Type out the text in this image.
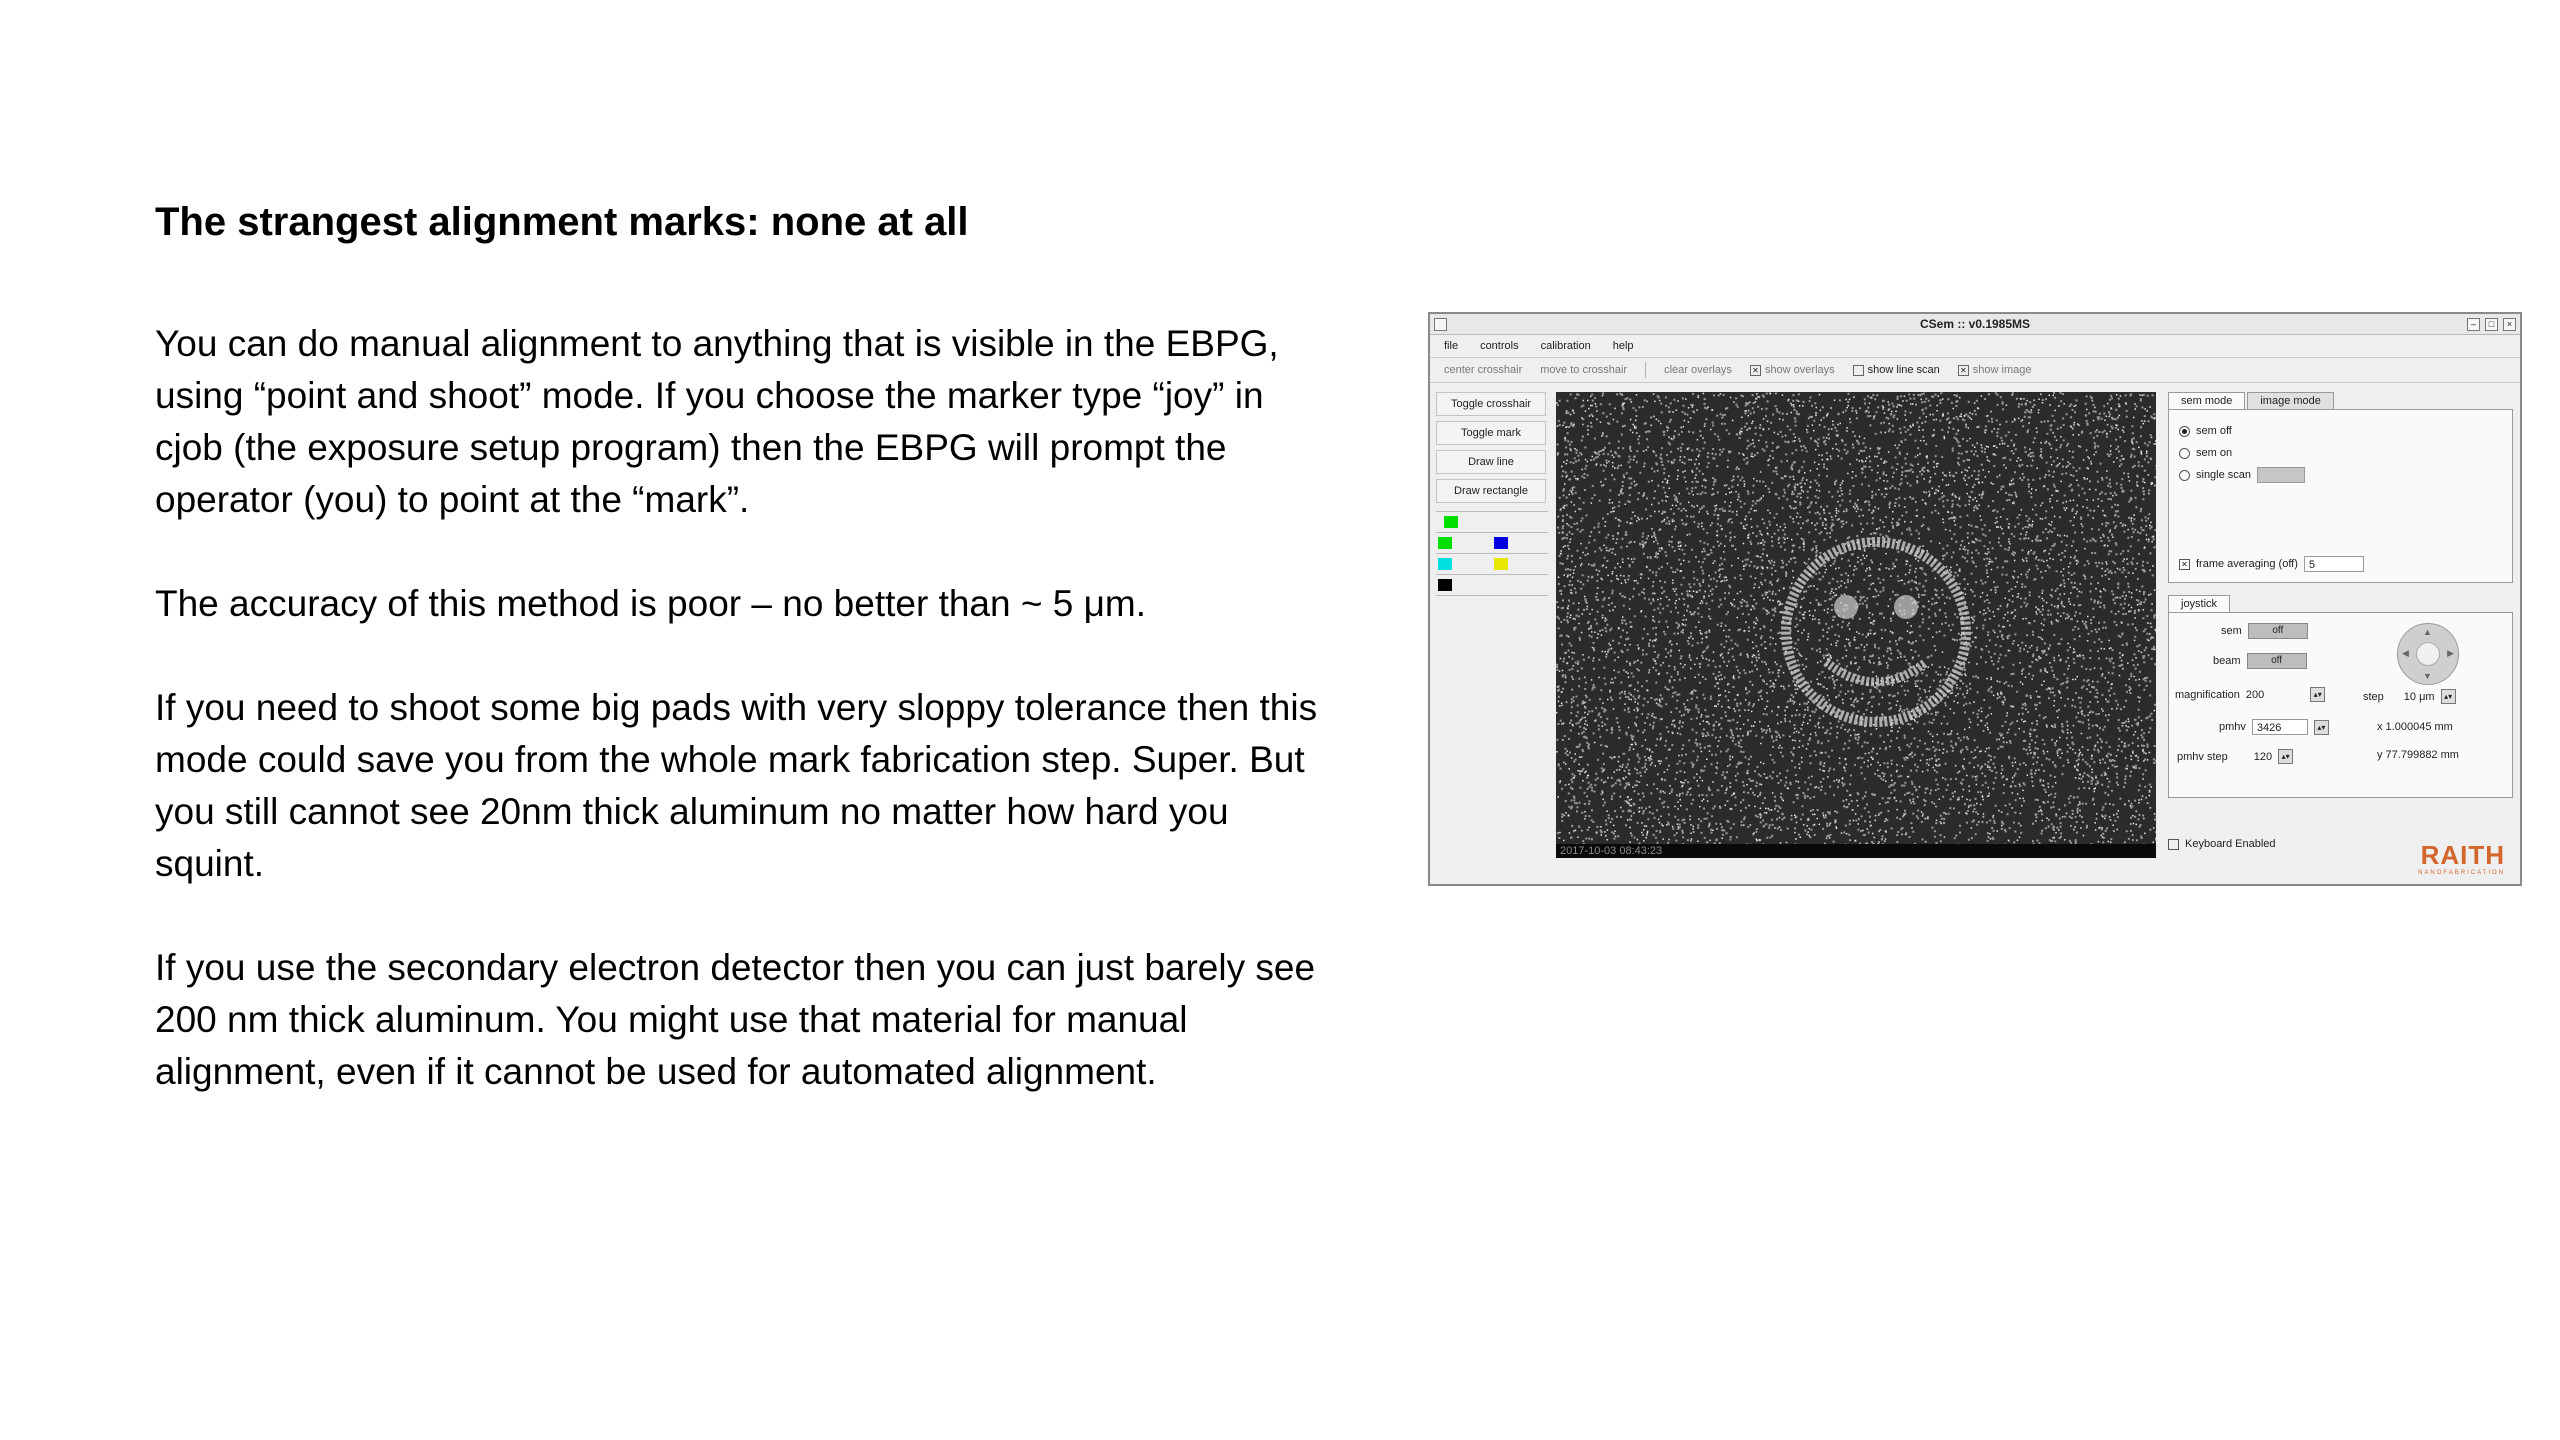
The strangest alignment marks: none at all

You can do manual alignment to anything that is visible in the EBPG, using “point and shoot” mode. If you choose the marker type “joy” in cjob (the exposure setup program) then the EBPG will prompt the operator (you) to point at the “mark”.

The accuracy of this method is poor – no better than ~ 5 μm.

If you need to shoot some big pads with very sloppy tolerance then this mode could save you from the whole mark fabrication step. Super. But you still cannot see 20nm thick aluminum no matter how hard you squint.

If you use the secondary electron detector then you can just barely see 200 nm thick aluminum. You might use that material for manual alignment, even if it cannot be used for automated alignment.

CSem :: v0.1985MS	–	□	×
file controls calibration help
center crosshair move to crosshair	clear overlays	✕ show overlays	show line scan	✕ show image
Toggle crosshair
Toggle mark
Draw line
Draw rectangle
2017-10-03 08:43:23
sem mode	image mode
sem off
sem on
single scan
✕ frame averaging (off)	5
joystick
sem	off
beam	off
▲
▼
◀	▶
magnification 200	▴▾	step 10 μm	▴▾
pmhv	3426	▴▾	x 1.000045 mm
pmhv step 120	▴▾	y 77.799882 mm
Keyboard Enabled	RAITH
NANOFABRICATION
